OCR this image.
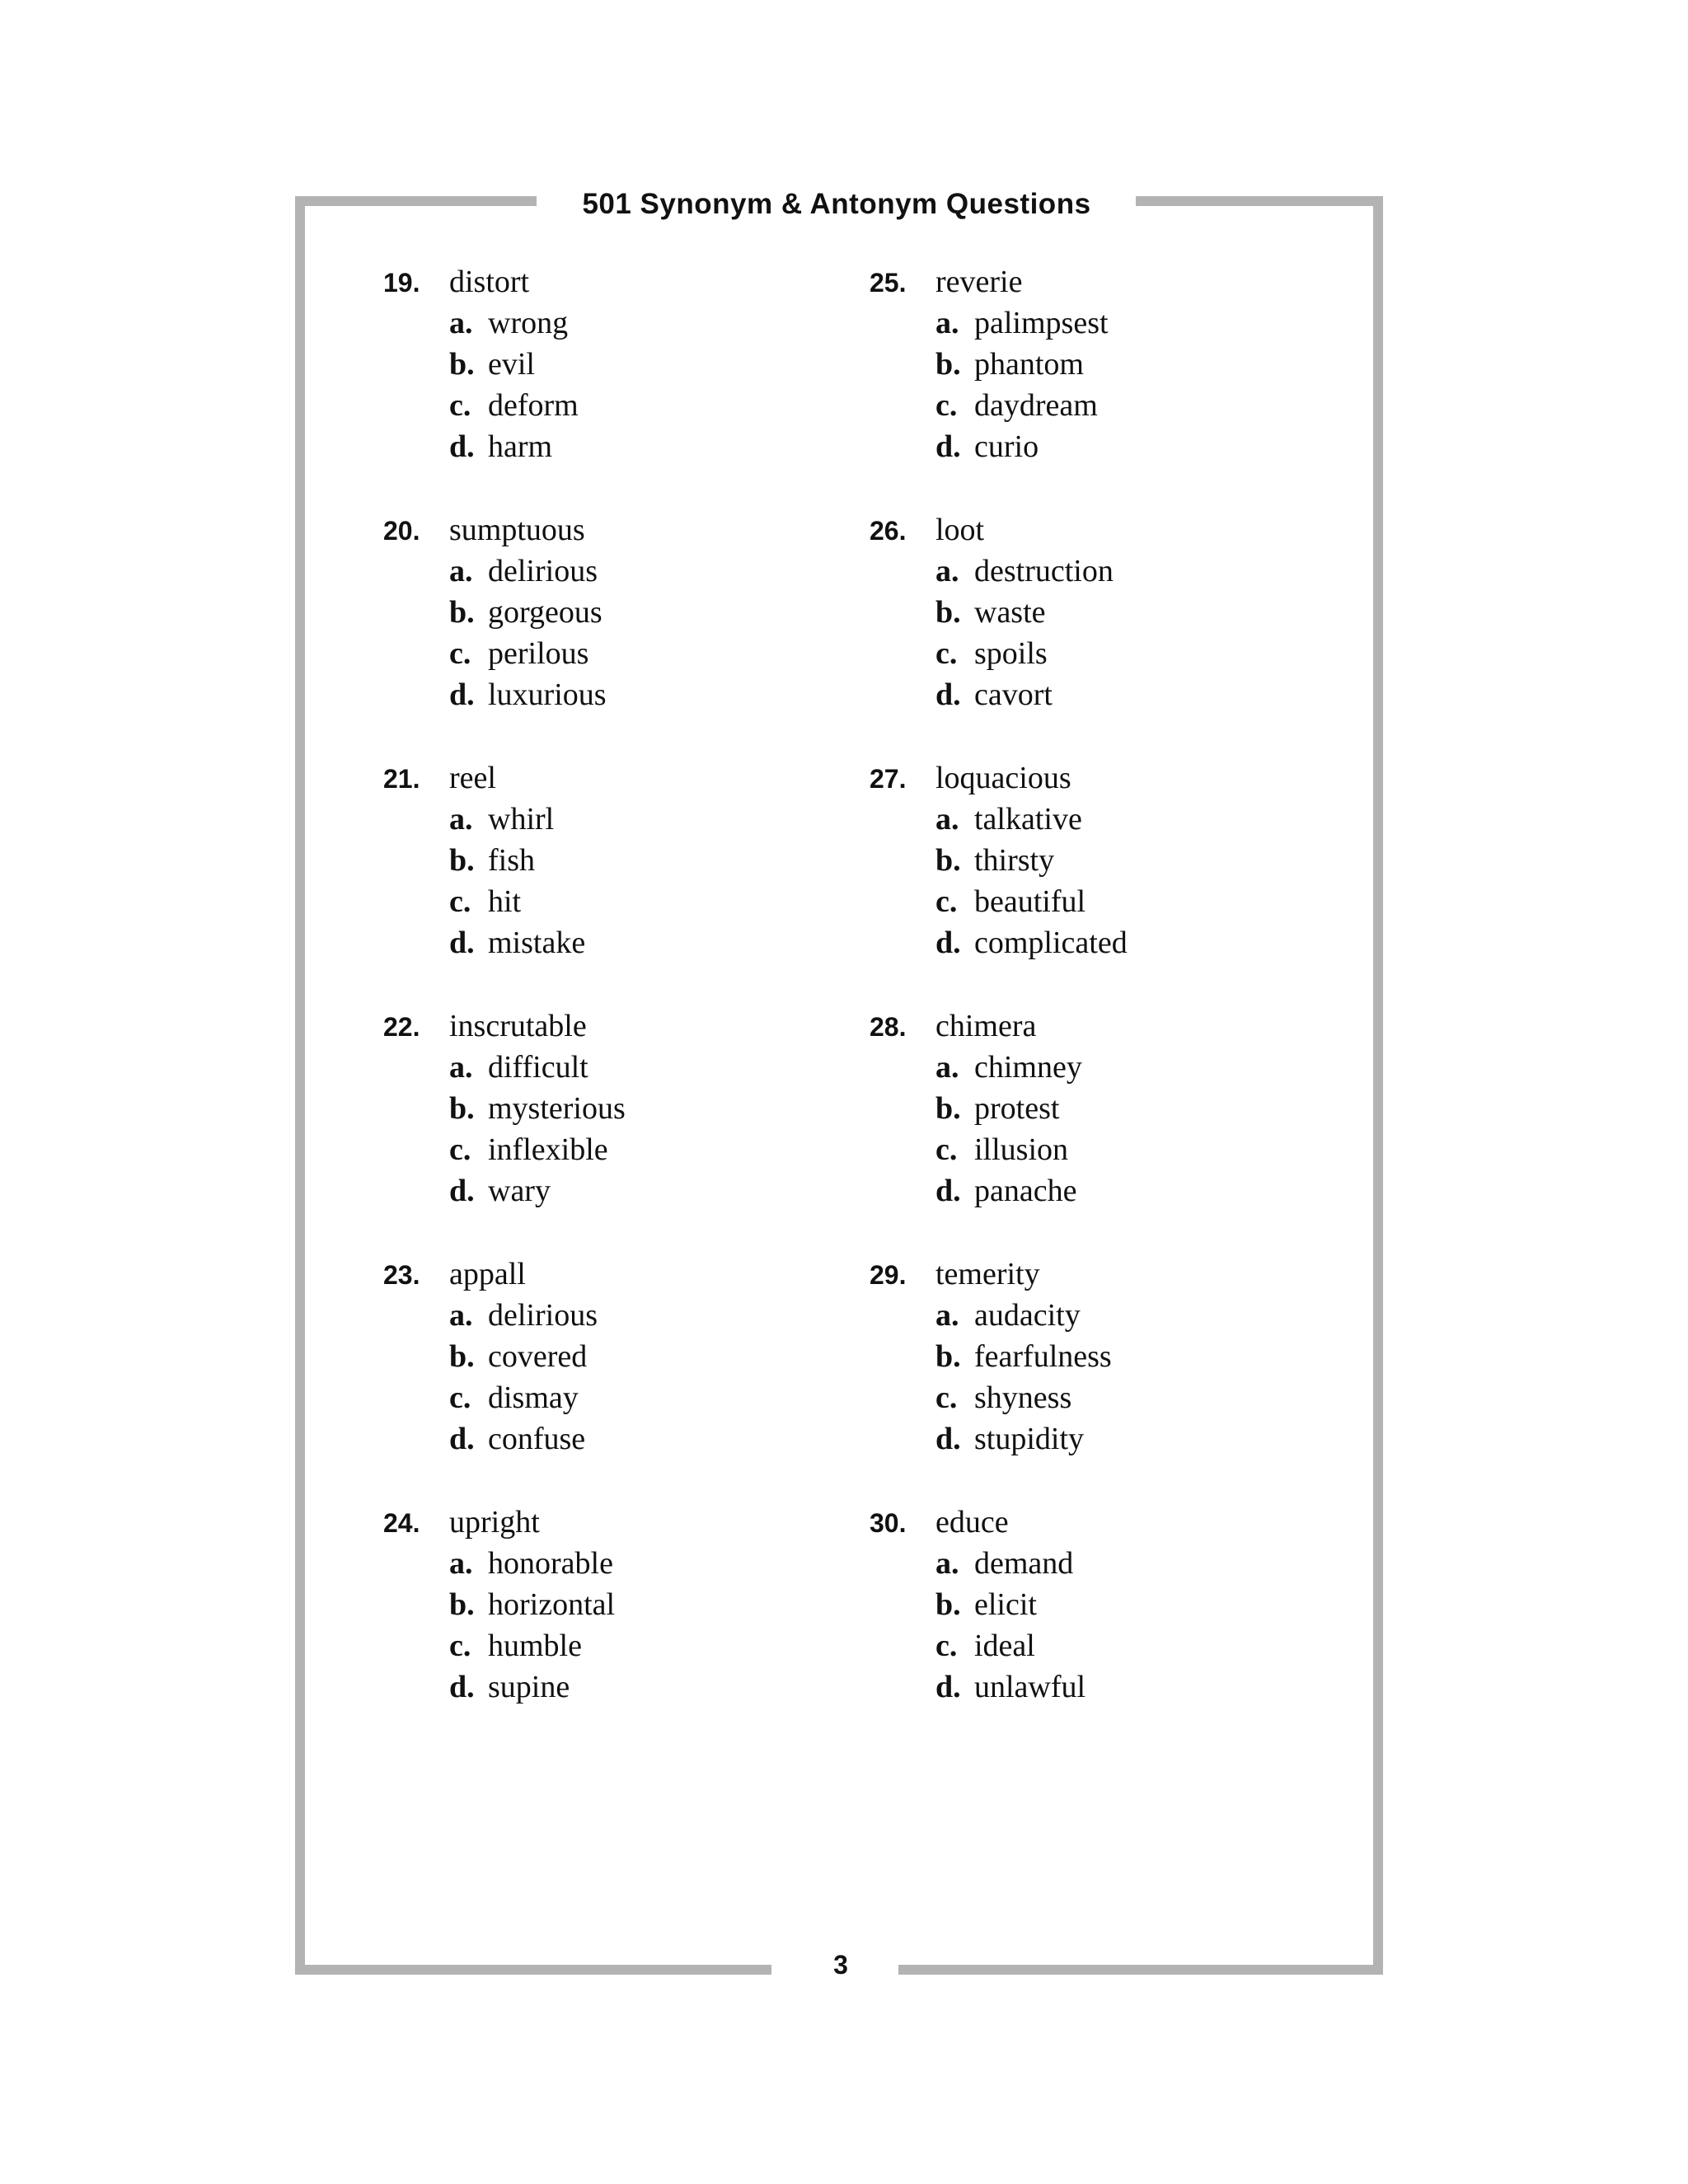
501 Synonym & Antonym Questions
19. distort
a. wrong
b. evil
c. deform
d. harm
20. sumptuous
a. delirious
b. gorgeous
c. perilous
d. luxurious
21. reel
a. whirl
b. fish
c. hit
d. mistake
22. inscrutable
a. difficult
b. mysterious
c. inflexible
d. wary
23. appall
a. delirious
b. covered
c. dismay
d. confuse
24. upright
a. honorable
b. horizontal
c. humble
d. supine
25. reverie
a. palimpsest
b. phantom
c. daydream
d. curio
26. loot
a. destruction
b. waste
c. spoils
d. cavort
27. loquacious
a. talkative
b. thirsty
c. beautiful
d. complicated
28. chimera
a. chimney
b. protest
c. illusion
d. panache
29. temerity
a. audacity
b. fearfulness
c. shyness
d. stupidity
30. educe
a. demand
b. elicit
c. ideal
d. unlawful
3
